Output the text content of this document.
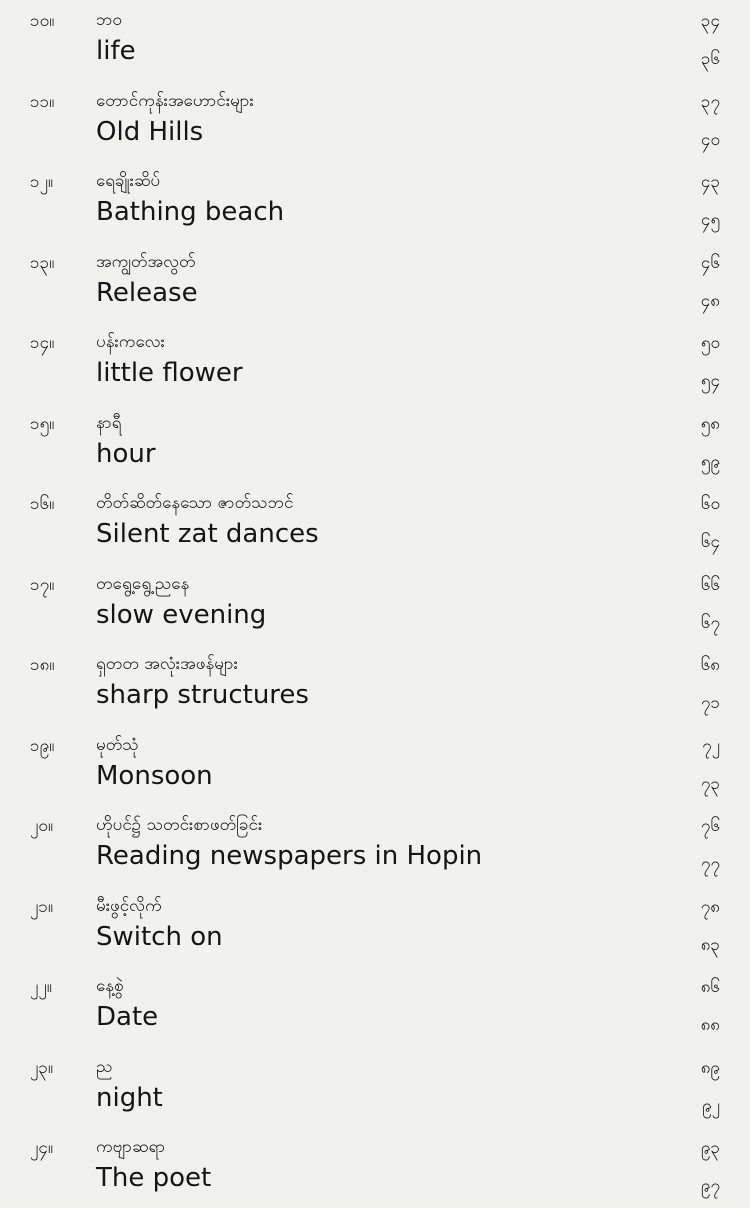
၁၀။	ဘဝ
life
၃၄
၃၆
၁၁။	တောင်ကုန်းအဟောင်းများ
Old Hills
၃၇
၄၀
၁၂။	ရေချိုးဆိပ်
Bathing beach
၄၃
၄၅
၁၃။	အကျွတ်အလွတ်
Release
၄၆
၄၈
၁၄။	ပန်းကလေး
little flower
၅၀
၅၄
၁၅။	နာရီ
hour
၅၈
၅၉
၁၆။	တိတ်ဆိတ်နေသော ဇာတ်သဘင်
Silent zat dances
၆၀
၆၄
၁၇။	တရွေ့ရွေ့ညနေ
slow evening
၆၆
၆၇
၁၈။	ရှတတ အလုံးအဖန်များ
sharp structures
၆၈
၇၁
၁၉။	မုတ်သုံ
Monsoon
၇၂
၇၃
၂၀။	ဟိုပင်၌ သတင်းစာဖတ်ခြင်း
Reading newspapers in Hopin
၇၆
၇၇
၂၁။	မီးဖွင့်လိုက်
Switch on
၇၈
၈၃
၂၂။	နေ့စွဲ
Date
၈၆
၈၈
၂၃။	ည
night
၈၉
၉၂
၂၄။	ကဗျာဆရာ
The poet
၉၃
၉၇
